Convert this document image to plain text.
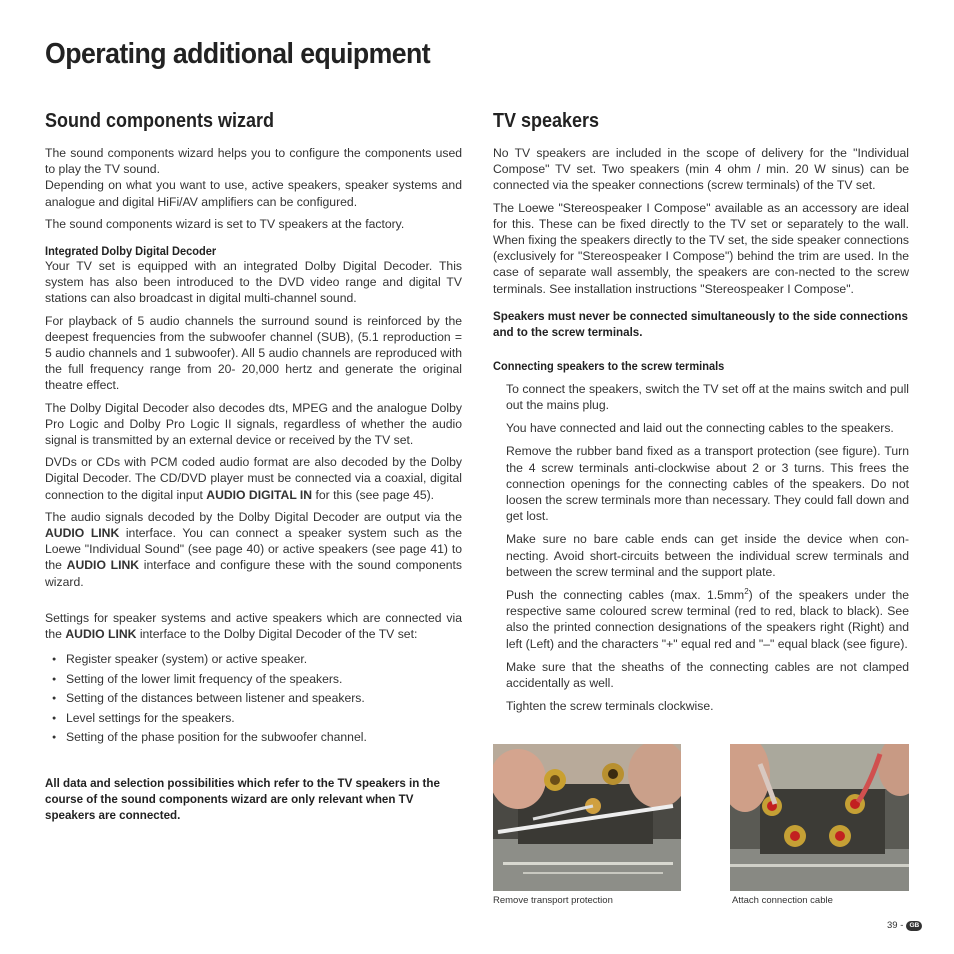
Operating additional equipment
Sound components wizard

The sound components wizard helps you to configure the components used to play the TV sound.

Depending on what you want to use, active speakers, speaker systems and analogue and digital HiFi/AV amplifiers can be configured.

The sound components wizard is set to TV speakers at the factory.

Integrated Dolby Digital Decoder

Your TV set is equipped with an integrated Dolby Digital Decoder. This system has also been introduced to the DVD video range and digital TV stations can also broadcast in digital multi-channel sound.

For playback of 5 audio channels the surround sound is reinforced by the deepest frequencies from the subwoofer channel (SUB), (5.1 reproduction = 5 audio channels and 1 subwoofer). All 5 audio channels are reproduced with the full frequency range from 20- 20,000 hertz and generate the original theatre effect.

The Dolby Digital Decoder also decodes dts, MPEG and the analogue Dolby Pro Logic and Dolby Pro Logic II signals, regardless of whether the audio signal is transmitted by an external device or received by the TV set.

DVDs or CDs with PCM coded audio format are also decoded by the Dolby Digital Decoder. The CD/DVD player must be connected via a coaxial, digital connection to the digital input AUDIO DIGITAL IN for this (see page 45).

The audio signals decoded by the Dolby Digital Decoder are output via the AUDIO LINK interface. You can connect a speaker system such as the Loewe "Individual Sound" (see page 40) or active speakers (see page 41) to the AUDIO LINK interface and configure these with the sound components wizard.

Settings for speaker systems and active speakers which are connected via the AUDIO LINK interface to the Dolby Digital Decoder of the TV set:

● Register speaker (system) or active speaker.
● Setting of the lower limit frequency of the speakers.
● Setting of the distances between listener and speakers.
● Level settings for the speakers.
● Setting of the phase position for the subwoofer channel.

All data and selection possibilities which refer to the TV speakers in the course of the sound components wizard are only relevant when TV speakers are connected.

TV speakers

No TV speakers are included in the scope of delivery for the "Individual Compose" TV set. Two speakers (min 4 ohm / min. 20 W sinus) can be connected via the speaker connections (screw terminals) of the TV set.

The Loewe "Stereospeaker I Compose" available as an accessory are ideal for this. These can be fixed directly to the TV set or separately to the wall. When fixing the speakers directly to the TV set, the side speaker connections (exclusively for "Stereospeaker I Compose") behind the trim are used. In the case of separate wall assembly, the speakers are con-nected to the screw terminals. See installation instructions "Stereospeaker I Compose".

Speakers must never be connected simultaneously to the side connections and to the screw terminals.

Connecting speakers to the screw terminals

To connect the speakers, switch the TV set off at the mains switch and pull out the mains plug.

You have connected and laid out the connecting cables to the speakers.

Remove the rubber band fixed as a transport protection (see figure). Turn the 4 screw terminals anti-clockwise about 2 or 3 turns. This frees the connection openings for the connecting cables of the speakers. Do not loosen the screw terminals more than necessary. They could fall down and get lost.

Make sure no bare cable ends can get inside the device when con-necting. Avoid short-circuits between the individual screw terminals and between the screw terminal and the support plate.

Push the connecting cables (max. $1.5mm^2$) of the speakers under the respective same coloured screw terminal (red to red, black to black). See also the printed connection designations of the speakers right (Right) and left (Left) and the characters "+" equal red and "–" equal black (see figure).

Make sure that the sheaths of the connecting cables are not clamped accidentally as well.

Tighten the screw terminals clockwise.

Remove transport protection	Attach connection cable
39 - GB
